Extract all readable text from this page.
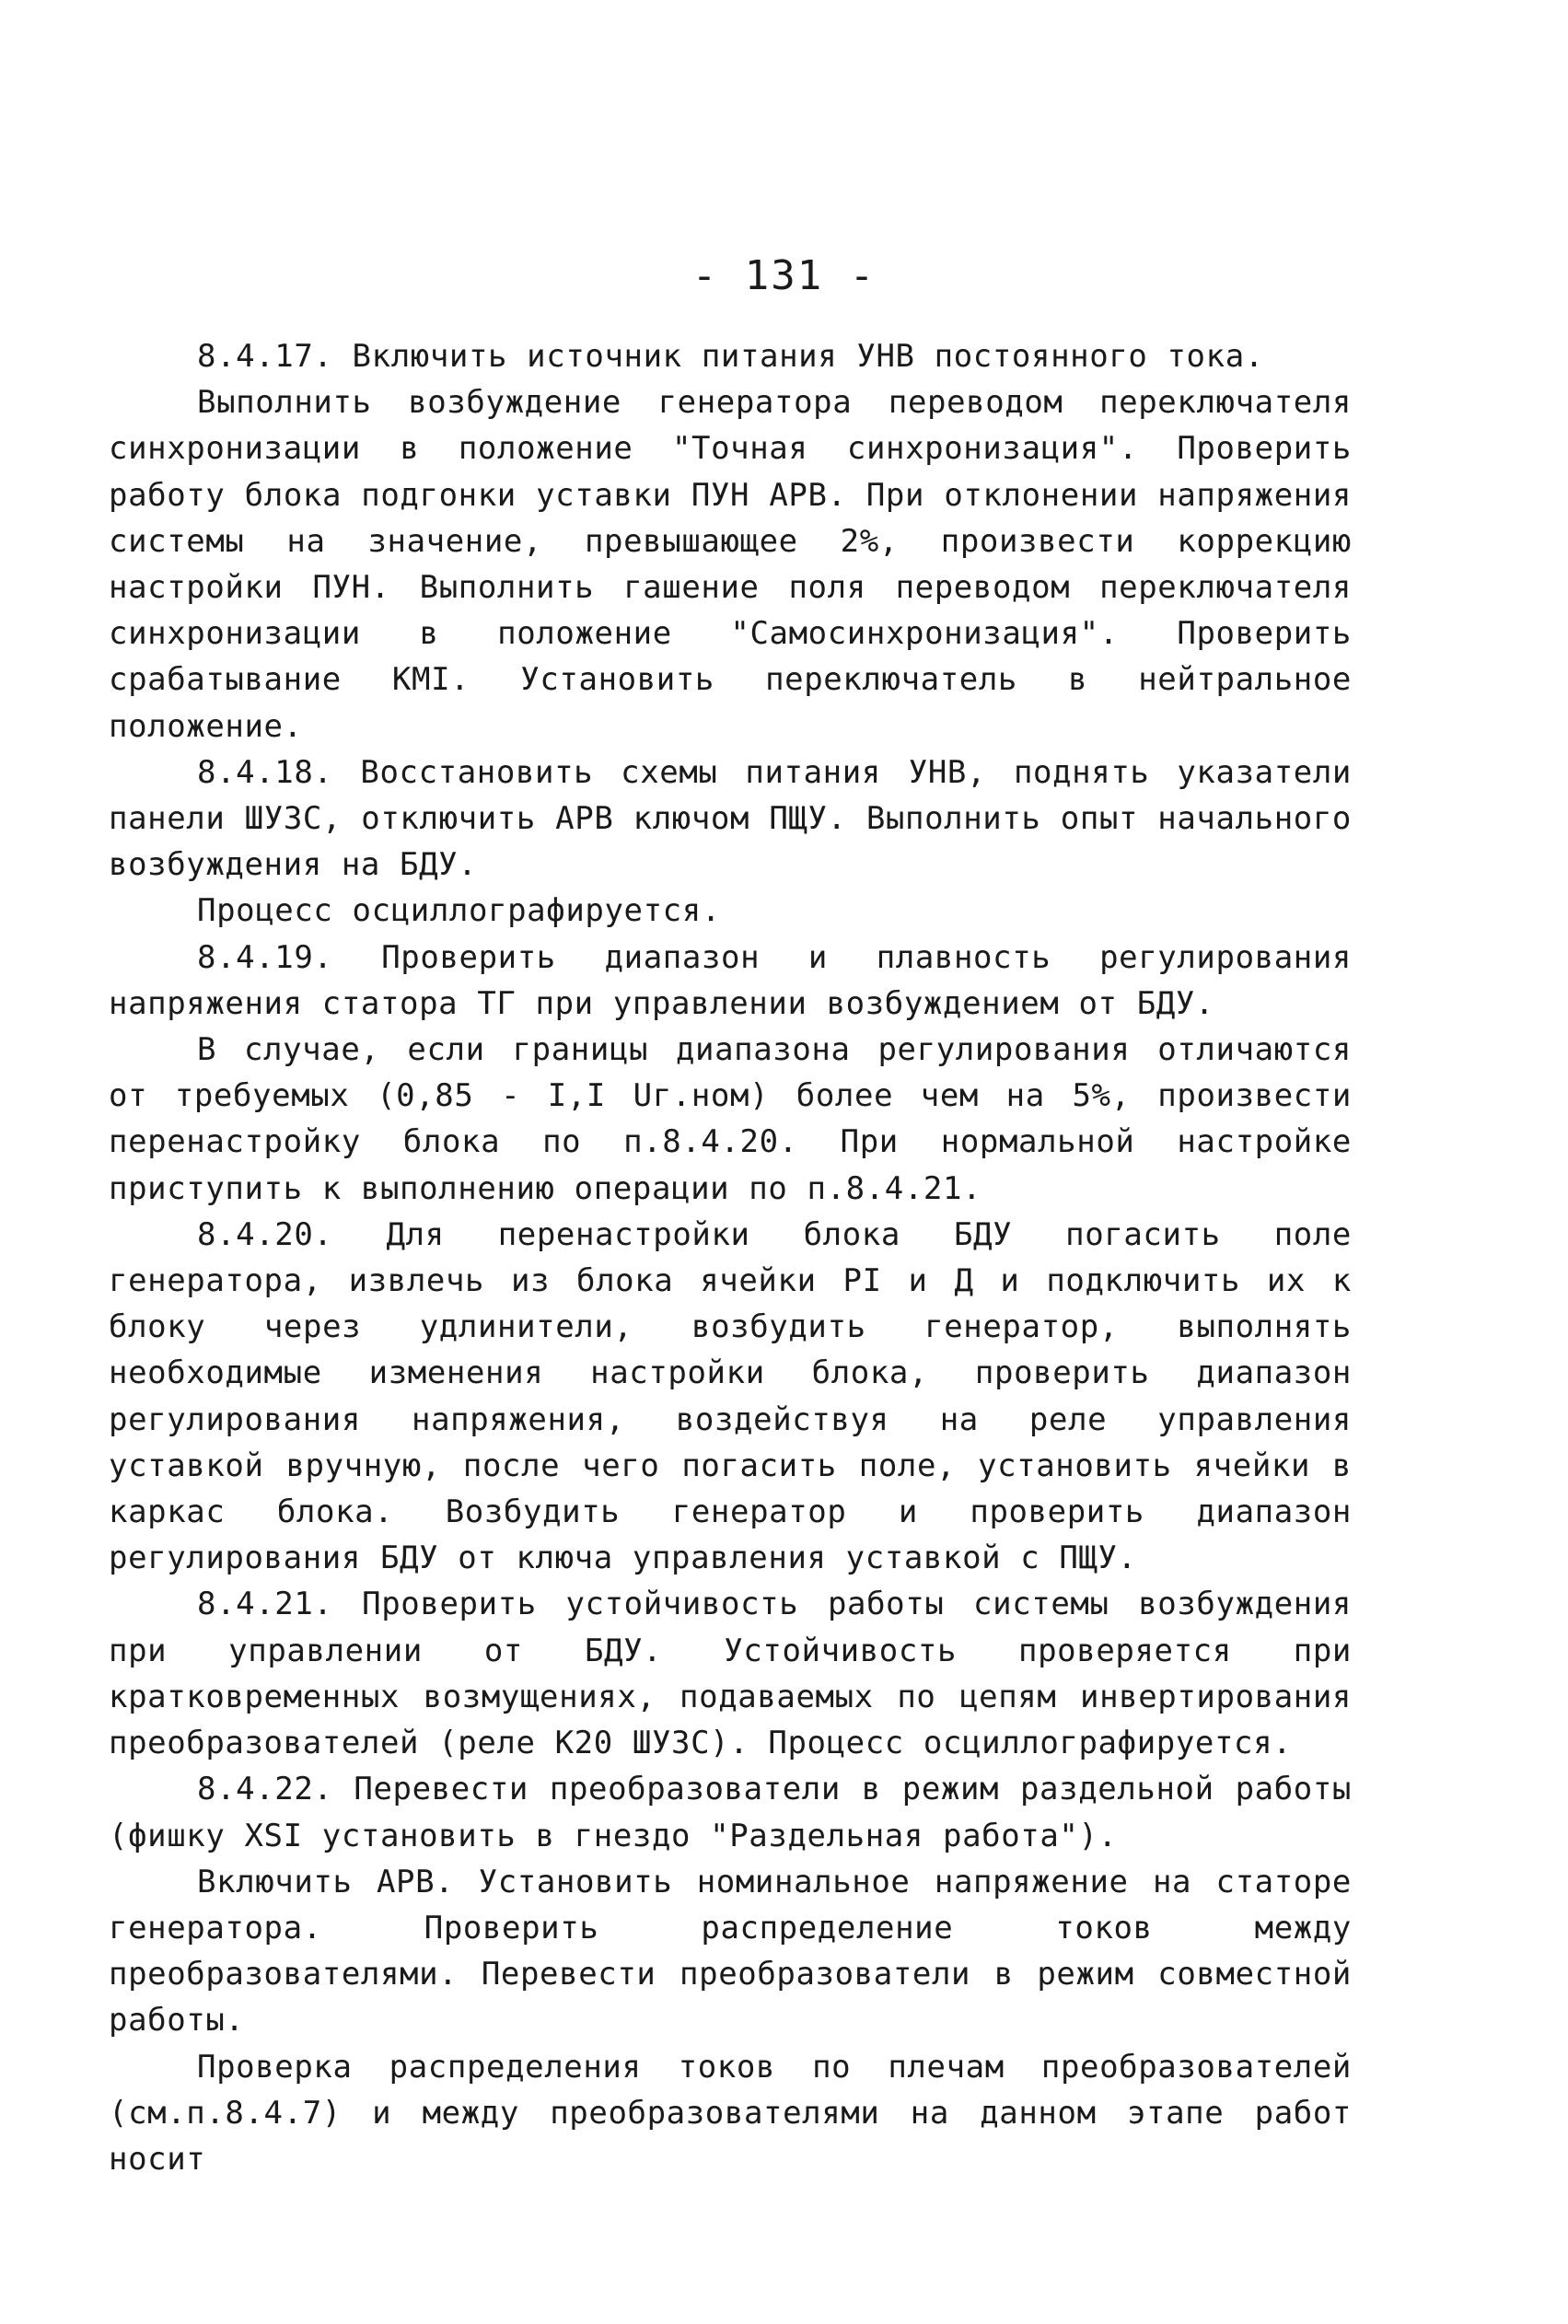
- 131 -

8.4.17. Включить источник питания УНВ постоянного тока.

Выполнить возбуждение генератора переводом переключателя синхронизации в положение "Точная синхронизация". Проверить работу блока подгонки уставки ПУН АРВ. При отклонении напряжения системы на значение, превышающее 2%, произвести коррекцию настройки ПУН. Выполнить гашение поля переводом переключателя синхронизации в положение "Самосинхронизация". Проверить срабатывание КМI. Установить переключатель в нейтральное положение.

8.4.18. Восстановить схемы питания УНВ, поднять указатели панели ШУЗС, отключить АРВ ключом ПЩУ. Выполнить опыт начального возбуждения на БДУ.

Процесс осциллографируется.

8.4.19. Проверить диапазон и плавность регулирования напряжения статора ТГ при управлении возбуждением от БДУ.

В случае, если границы диапазона регулирования отличаются от требуемых (0,85 - I,I Uг.ном) более чем на 5%, произвести перенастройку блока по п.8.4.20. При нормальной настройке приступить к выполнению операции по п.8.4.21.

8.4.20. Для перенастройки блока БДУ погасить поле генератора, извлечь из блока ячейки PI и Д и подключить их к блоку через удлинители, возбудить генератор, выполнять необходимые изменения настройки блока, проверить диапазон регулирования напряжения, воздействуя на реле управления уставкой вручную, после чего погасить поле, установить ячейки в каркас блока. Возбудить генератор и проверить диапазон регулирования БДУ от ключа управления уставкой с ПЩУ.

8.4.21. Проверить устойчивость работы системы возбуждения при управлении от БДУ. Устойчивость проверяется при кратковременных возмущениях, подаваемых по цепям инвертирования преобразователей (реле К20 ШУЗС). Процесс осциллографируется.

8.4.22. Перевести преобразователи в режим раздельной работы (фишку XSI установить в гнездо "Раздельная работа").

Включить АРВ. Установить номинальное напряжение на статоре генератора. Проверить распределение токов между преобразователями. Перевести преобразователи в режим совместной работы.

Проверка распределения токов по плечам преобразователей (см.п.8.4.7) и между преобразователями на данном этапе работ носит
